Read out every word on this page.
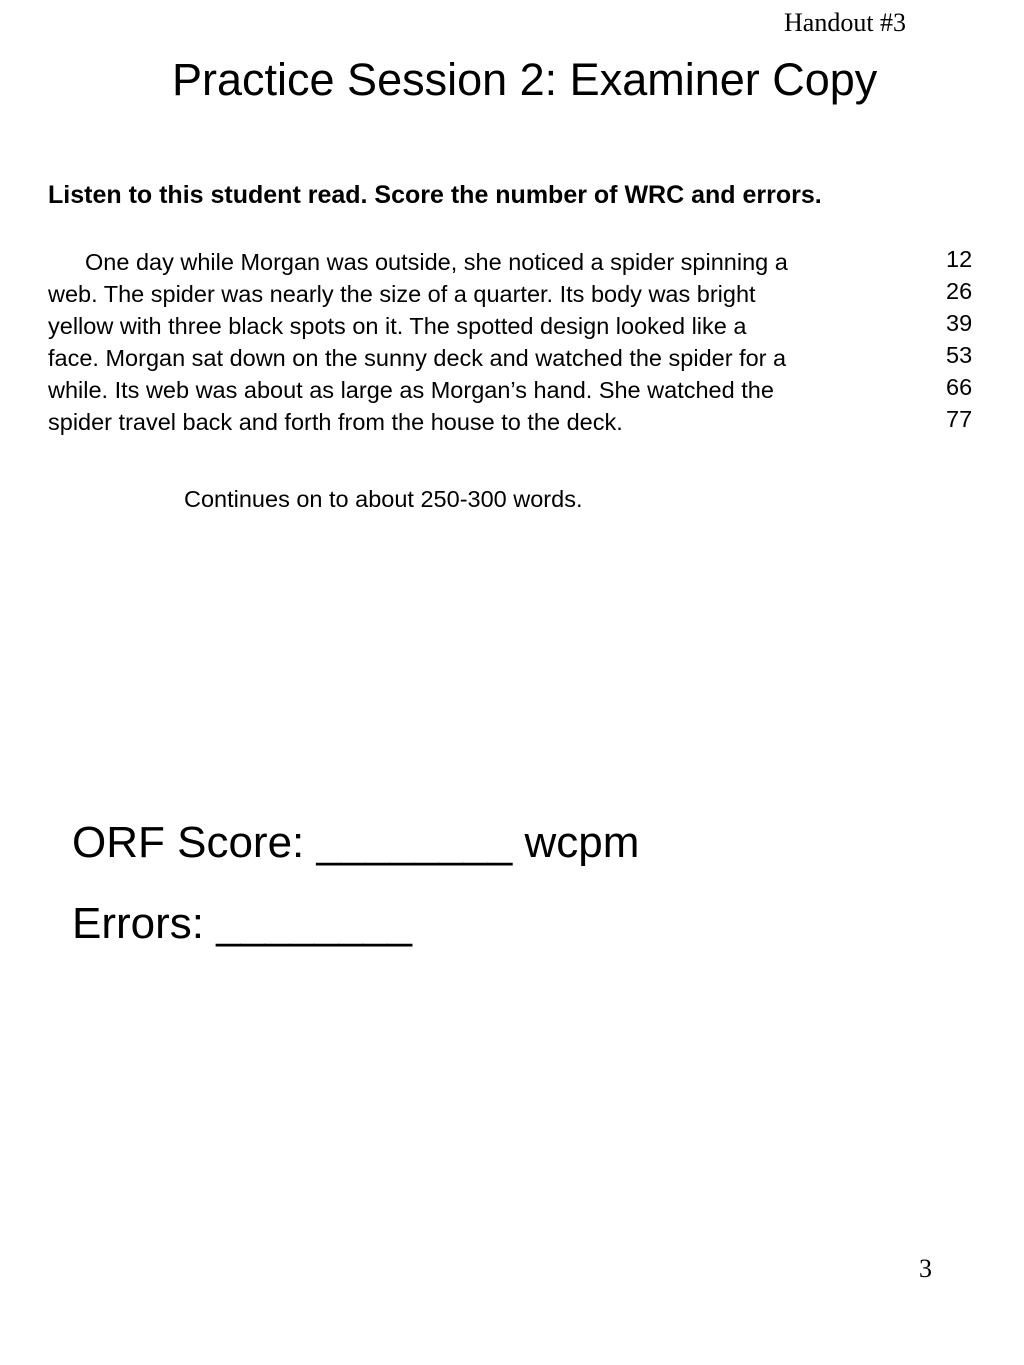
Handout #3
Practice Session 2: Examiner Copy
Listen to this student read. Score the number of WRC and errors.
One day while Morgan was outside, she noticed a spider spinning a
web. The spider was nearly the size of a quarter. Its body was bright
yellow with three black spots on it. The spotted design looked like a
face. Morgan sat down on the sunny deck and watched the spider for a
while. Its web was about as large as Morgan’s hand. She watched the
spider travel back and forth from the house to the deck.
12
26
39
53
66
77
Continues on to about 250-300 words.
ORF Score: ________ wcpm
Errors: ________
3
